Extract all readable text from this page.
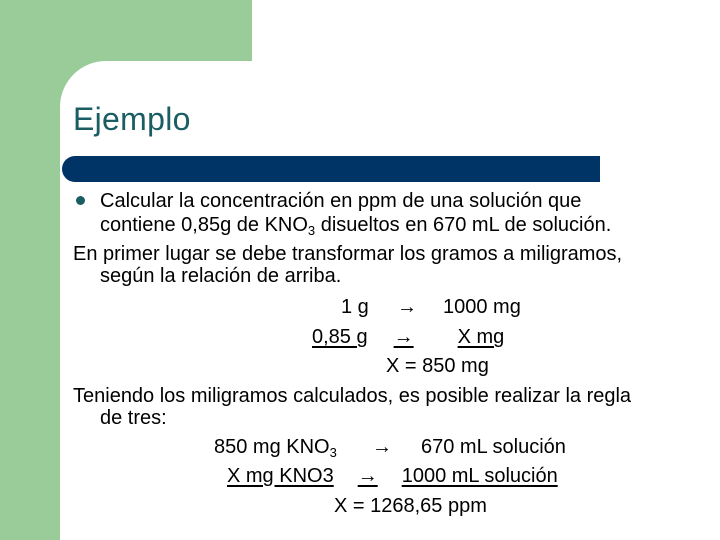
Ejemplo
Calcular la concentración en ppm de una solución que
contiene 0,85g de $KNO_3$ disueltos en 670 mL de solución.
En primer lugar se debe transformar los gramos a miligramos,
según la relación de arriba.
1 g → 1000 mg
0,85 g → X mg
X = 850 mg
Teniendo los miligramos calculados, es posible realizar la regla
de tres:
850 mg $KNO_3 \to 670$ mL solución
X mg KNO3 → 1000 mL solución
X = 1268,65 ppm
